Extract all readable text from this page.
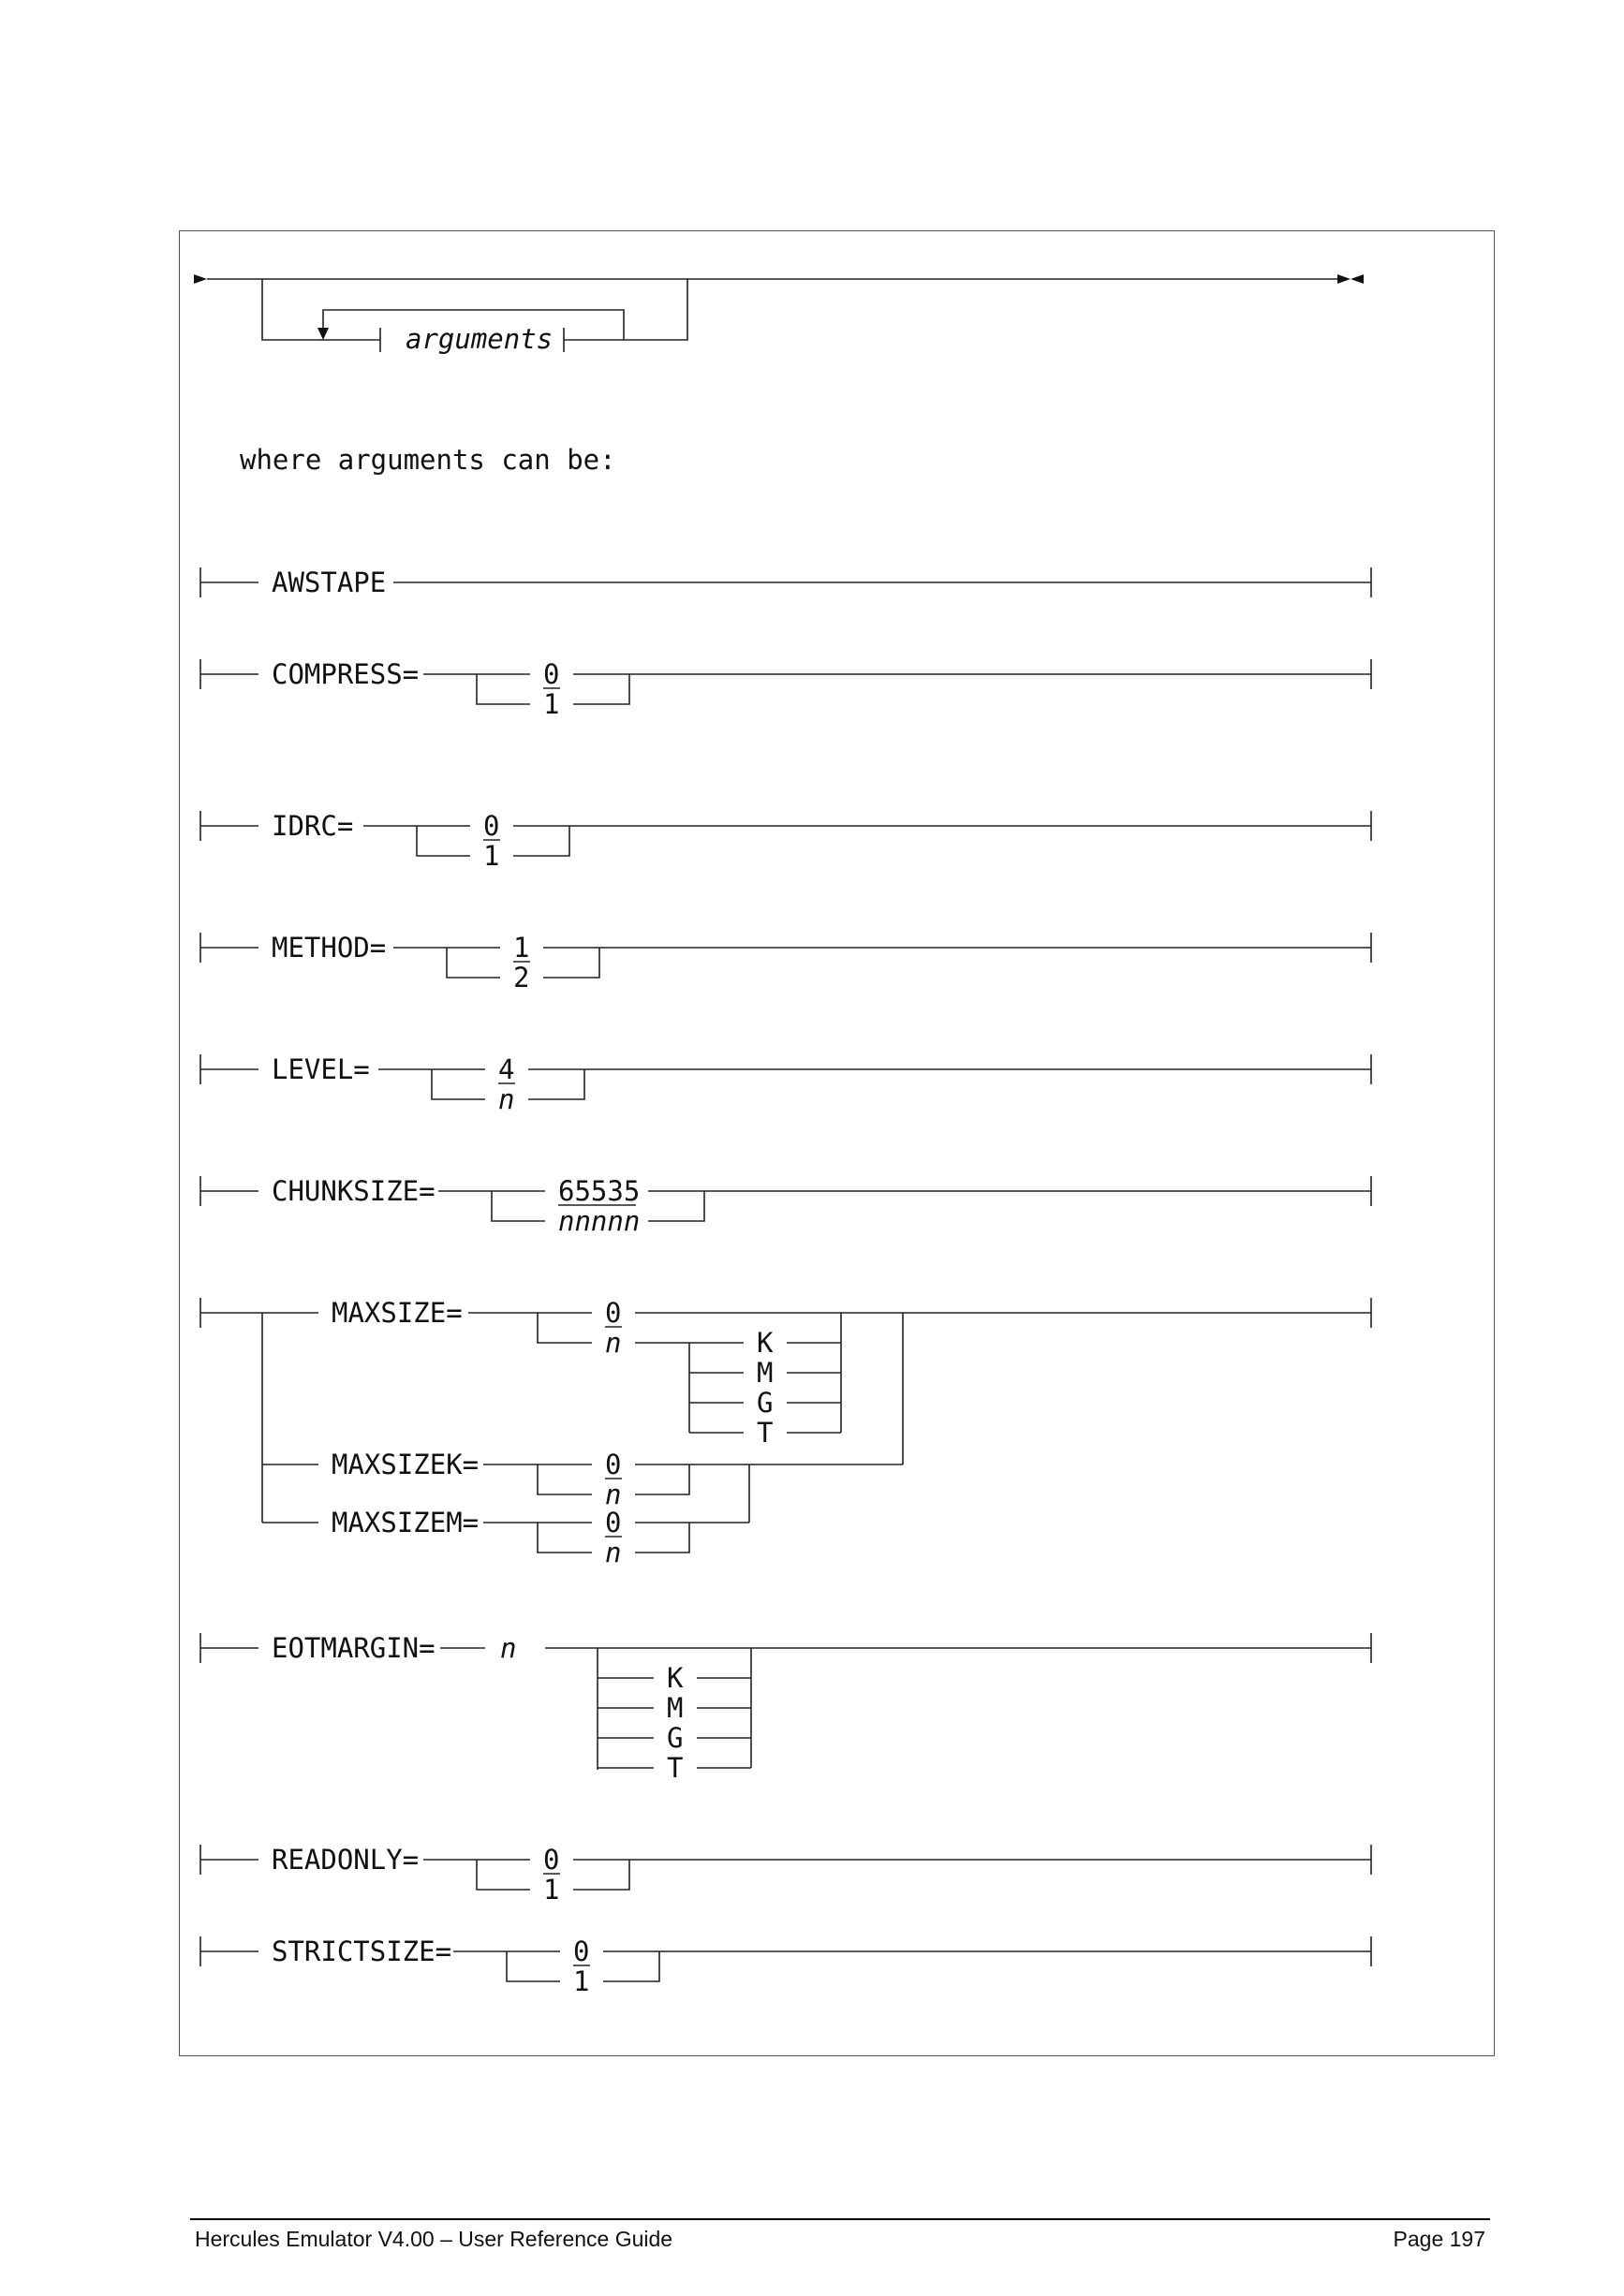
arguments
where arguments can be:
AWSTAPE
COMPRESS=	0
1
IDRC=	0
1
METHOD=	1
2
LEVEL=	4
n
CHUNKSIZE=	65535
nnnnn
MAXSIZE=	0
n	K
M
G
T
MAXSIZEK=
MAXSIZEM=
0
n
0
n
EOTMARGIN= n
K
M
G
T
READONLY=	0
1
STRICTSIZE=	0
1
Hercules Emulator V4.00 – User Reference Guide	Page 197
